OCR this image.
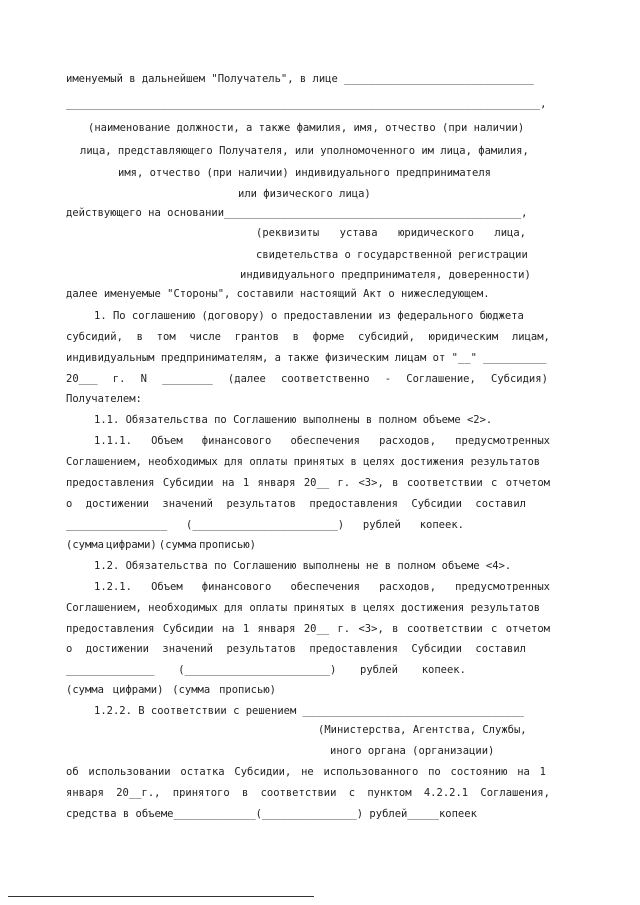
именуемый в дальнейшем "Получатель", в лице ______________________________
___________________________________________________________________________,
(наименование должности, а также фамилия, имя, отчество (при наличии)
лица, представляющего Получателя, или уполномоченного им лица, фамилия,
имя, отчество (при наличии) индивидуального предпринимателя
или физического лица)
действующего на основании_______________________________________________,
(реквизиты устава юридического лица,
свидетельства о государственной регистрации
индивидуального предпринимателя, доверенности)
далее именуемые "Стороны", составили настоящий Акт о нижеследующем.
1. По соглашению (договору) о предоставлении из федерального бюджета
субсидий, в том числе грантов в форме субсидий, юридическим лицам,
индивидуальным предпринимателям, а также физическим лицам от "__" __________
20___ г. N ________ (далее соответственно - Соглашение, Субсидия)
Получателем:
1.1. Обязательства по Соглашению выполнены в полном объеме <2>.
1.1.1. Объем финансового обеспечения расходов, предусмотренных
Соглашением, необходимых для оплаты принятых в целях достижения результатов
предоставления Субсидии на 1 января 20__ г. <3>, в соответствии с отчетом
о достижении значений результатов предоставления Субсидии составил
________________ (_______________________) рублей копеек.
(сумма цифрами) (сумма прописью)
1.2. Обязательства по Соглашению выполнены не в полном объеме <4>.
1.2.1. Объем финансового обеспечения расходов, предусмотренных
Соглашением, необходимых для оплаты принятых в целях достижения результатов
предоставления Субсидии на 1 января 20__ г. <3>, в соответствии с отчетом
о достижении значений результатов предоставления Субсидии составил
______________ (_______________________) рублей копеек.
(сумма цифрами) (сумма прописью)
1.2.2. В соответствии с решением ___________________________________
(Министерства, Агентства, Службы,
иного органа (организации)
об использовании остатка Субсидии, не использованного по состоянию на 1
января 20__г., принятого в соответствии с пунктом 4.2.2.1 Соглашения,
средства в объеме_____________(_______________) рублей_____копеек
